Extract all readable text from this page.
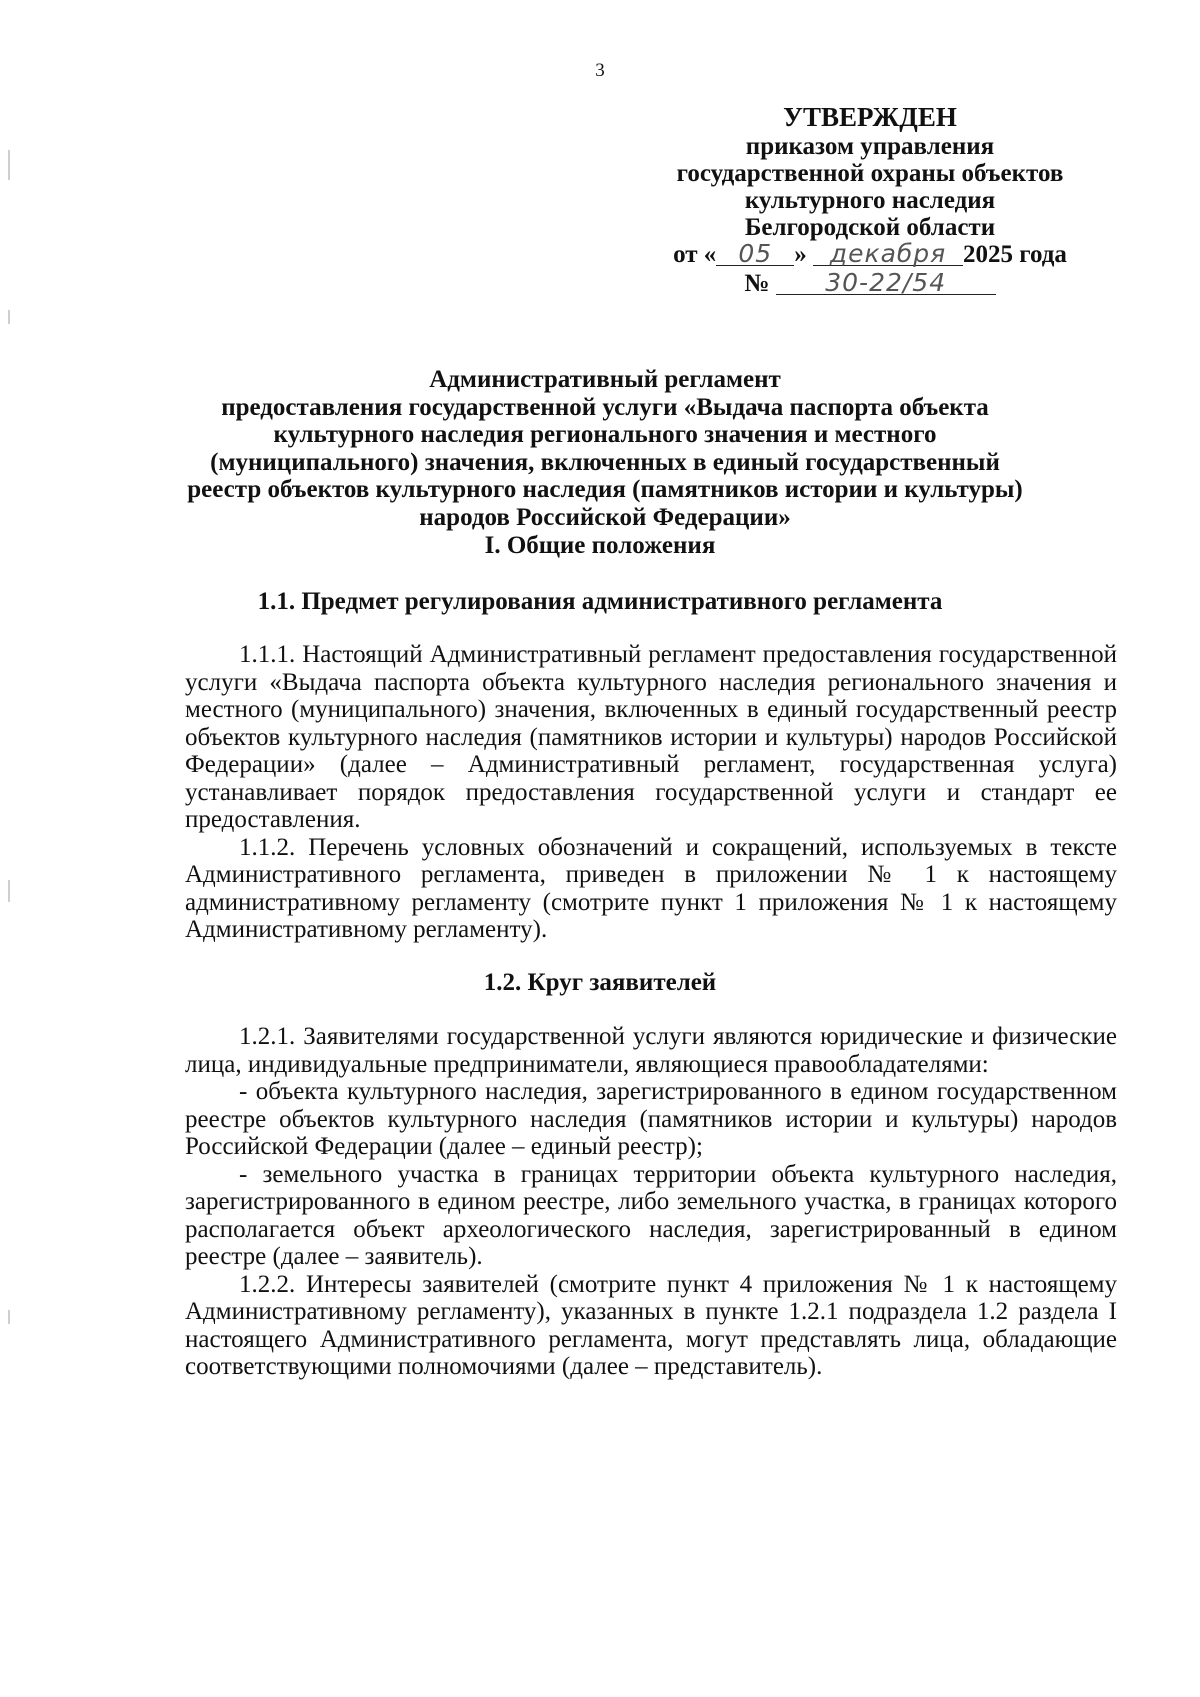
3
УТВЕРЖДЕН
приказом управления
государственной охраны объектов
культурного наследия
Белгородской области
от « 05 » декабря 2025 года
№ 30-22/54
Административный регламент
предоставления государственной услуги «Выдача паспорта объекта культурного наследия регионального значения и местного (муниципального) значения, включенных в единый государственный реестр объектов культурного наследия (памятников истории и культуры) народов Российской Федерации»
I. Общие положения
1.1. Предмет регулирования административного регламента

1.1.1. Настоящий Административный регламент предоставления государственной услуги «Выдача паспорта объекта культурного наследия регионального значения и местного (муниципального) значения, включенных в единый государственный реестр объектов культурного наследия (памятников истории и культуры) народов Российской Федерации» (далее – Административный регламент, государственная услуга) устанавливает порядок предоставления государственной услуги и стандарт ее предоставления.

1.1.2. Перечень условных обозначений и сокращений, используемых в тексте Административного регламента, приведен в приложении № 1 к настоящему административному регламенту (смотрите пункт 1 приложения № 1 к настоящему Административному регламенту).

1.2. Круг заявителей

1.2.1. Заявителями государственной услуги являются юридические и физические лица, индивидуальные предприниматели, являющиеся правообладателями:

- объекта культурного наследия, зарегистрированного в едином государственном реестре объектов культурного наследия (памятников истории и культуры) народов Российской Федерации (далее – единый реестр);

- земельного участка в границах территории объекта культурного наследия, зарегистрированного в едином реестре, либо земельного участка, в границах которого располагается объект археологического наследия, зарегистрированный в едином реестре (далее – заявитель).

1.2.2. Интересы заявителей (смотрите пункт 4 приложения № 1 к настоящему Административному регламенту), указанных в пункте 1.2.1 подраздела 1.2 раздела I настоящего Административного регламента, могут представлять лица, обладающие соответствующими полномочиями (далее – представитель).
